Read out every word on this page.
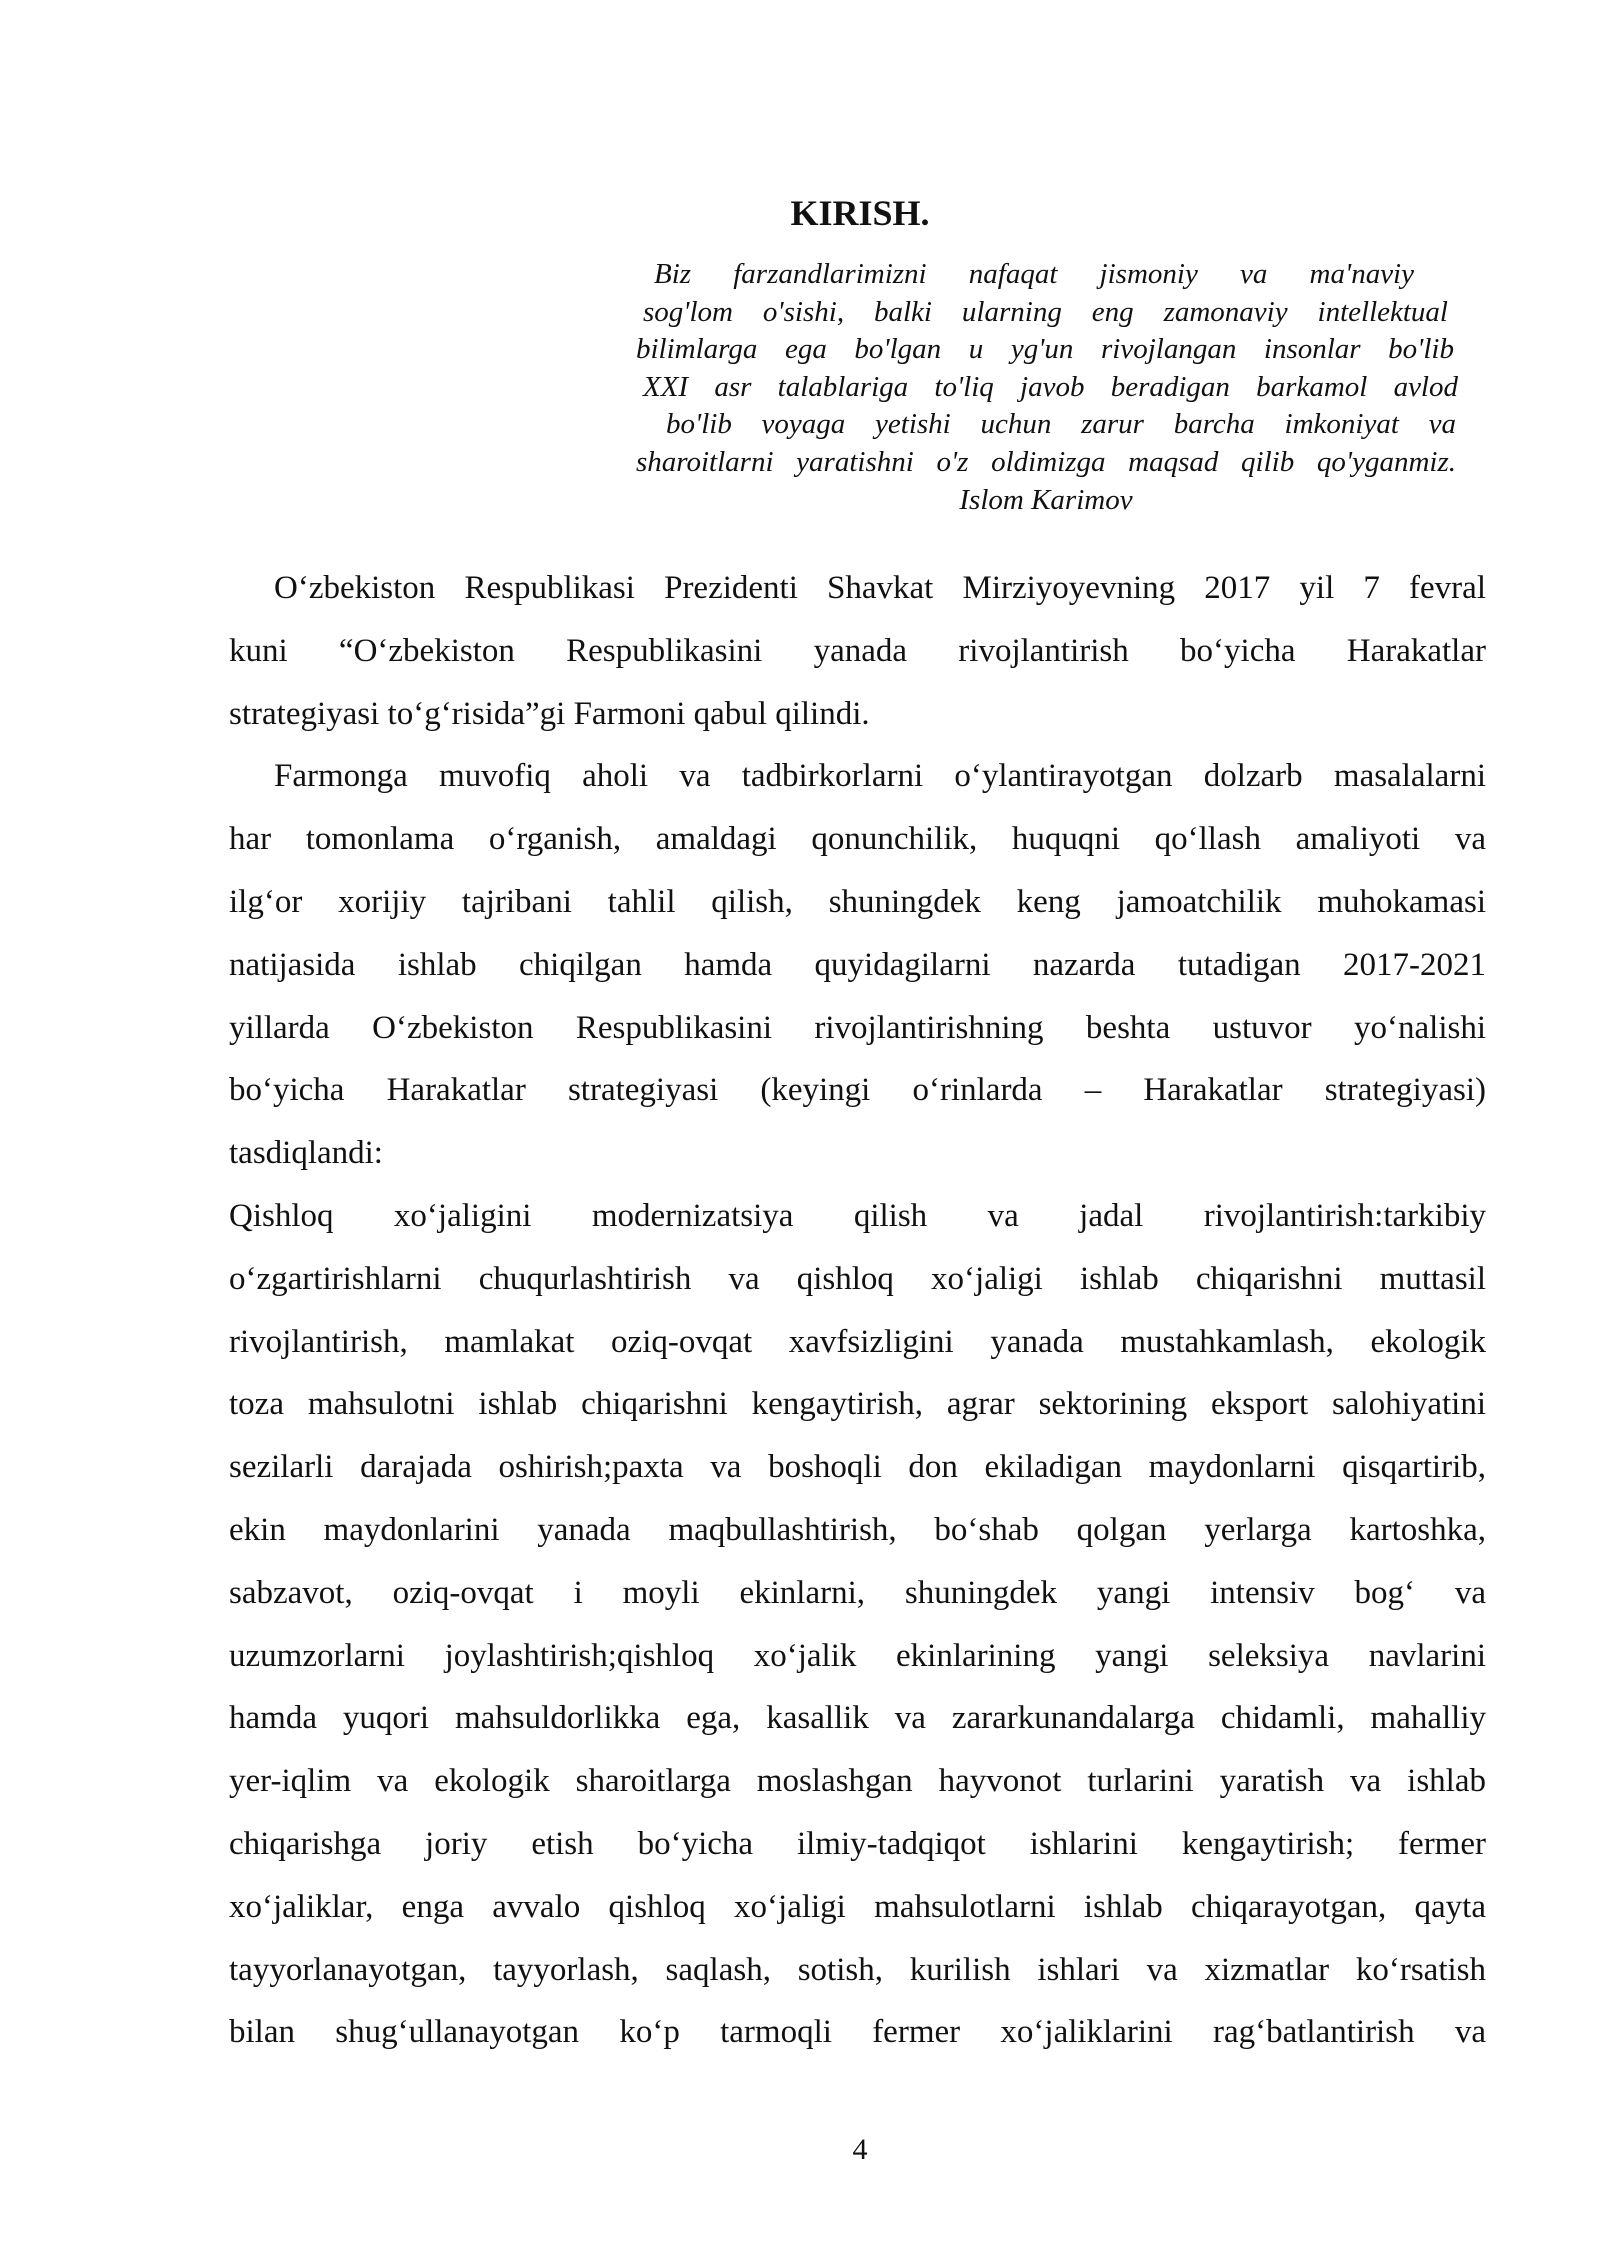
KIRISH.
Biz farzandlarimizni nafaqat jismoniy va ma'naviy
sog'lom o'sishi, balki ularning eng zamonaviy intellektual
bilimlarga ega bo'lgan u yg'un rivojlangan insonlar bo'lib
XXI asr talablariga to'liq javob beradigan barkamol avlod
bo'lib voyaga yetishi uchun zarur barcha imkoniyat va
sharoitlarni yaratishni o'z oldimizga maqsad qilib qo'yganmiz.
Islom Karimov
O‘zbekiston Respublikasi Prezidenti Shavkat Mirziyoyevning 2017 yil 7 fevral
kuni “O‘zbekiston Respublikasini yanada rivojlantirish bo‘yicha Harakatlar
strategiyasi to‘g‘risida”gi Farmoni qabul qilindi.
Farmonga muvofiq aholi va tadbirkorlarni o‘ylantirayotgan dolzarb masalalarni
har tomonlama o‘rganish, amaldagi qonunchilik, huquqni qo‘llash amaliyoti va
ilg‘or xorijiy tajribani tahlil qilish, shuningdek keng jamoatchilik muhokamasi
natijasida ishlab chiqilgan hamda quyidagilarni nazarda tutadigan 2017-2021
yillarda O‘zbekiston Respublikasini rivojlantirishning beshta ustuvor yo‘nalishi
bo‘yicha Harakatlar strategiyasi (keyingi o‘rinlarda – Harakatlar strategiyasi)
tasdiqlandi:
Qishloq xo‘jaligini modernizatsiya qilish va jadal rivojlantirish:tarkibiy
o‘zgartirishlarni chuqurlashtirish va qishloq xo‘jaligi ishlab chiqarishni muttasil
rivojlantirish, mamlakat oziq-ovqat xavfsizligini yanada mustahkamlash, ekologik
toza mahsulotni ishlab chiqarishni kengaytirish, agrar sektorining eksport salohiyatini
sezilarli darajada oshirish;paxta va boshoqli don ekiladigan maydonlarni qisqartirib,
ekin maydonlarini yanada maqbullashtirish, bo‘shab qolgan yerlarga kartoshka,
sabzavot, oziq-ovqat i moyli ekinlarni, shuningdek yangi intensiv bog‘ va
uzumzorlarni joylashtirish;qishloq xo‘jalik ekinlarining yangi seleksiya navlarini
hamda yuqori mahsuldorlikka ega, kasallik va zararkunandalarga chidamli, mahalliy
yer-iqlim va ekologik sharoitlarga moslashgan hayvonot turlarini yaratish va ishlab
chiqarishga joriy etish bo‘yicha ilmiy-tadqiqot ishlarini kengaytirish; fermer
xo‘jaliklar, enga avvalo qishloq xo‘jaligi mahsulotlarni ishlab chiqarayotgan, qayta
tayyorlanayotgan, tayyorlash, saqlash, sotish, kurilish ishlari va xizmatlar ko‘rsatish
bilan shug‘ullanayotgan ko‘p tarmoqli fermer xo‘jaliklarini rag‘batlantirish va
4
